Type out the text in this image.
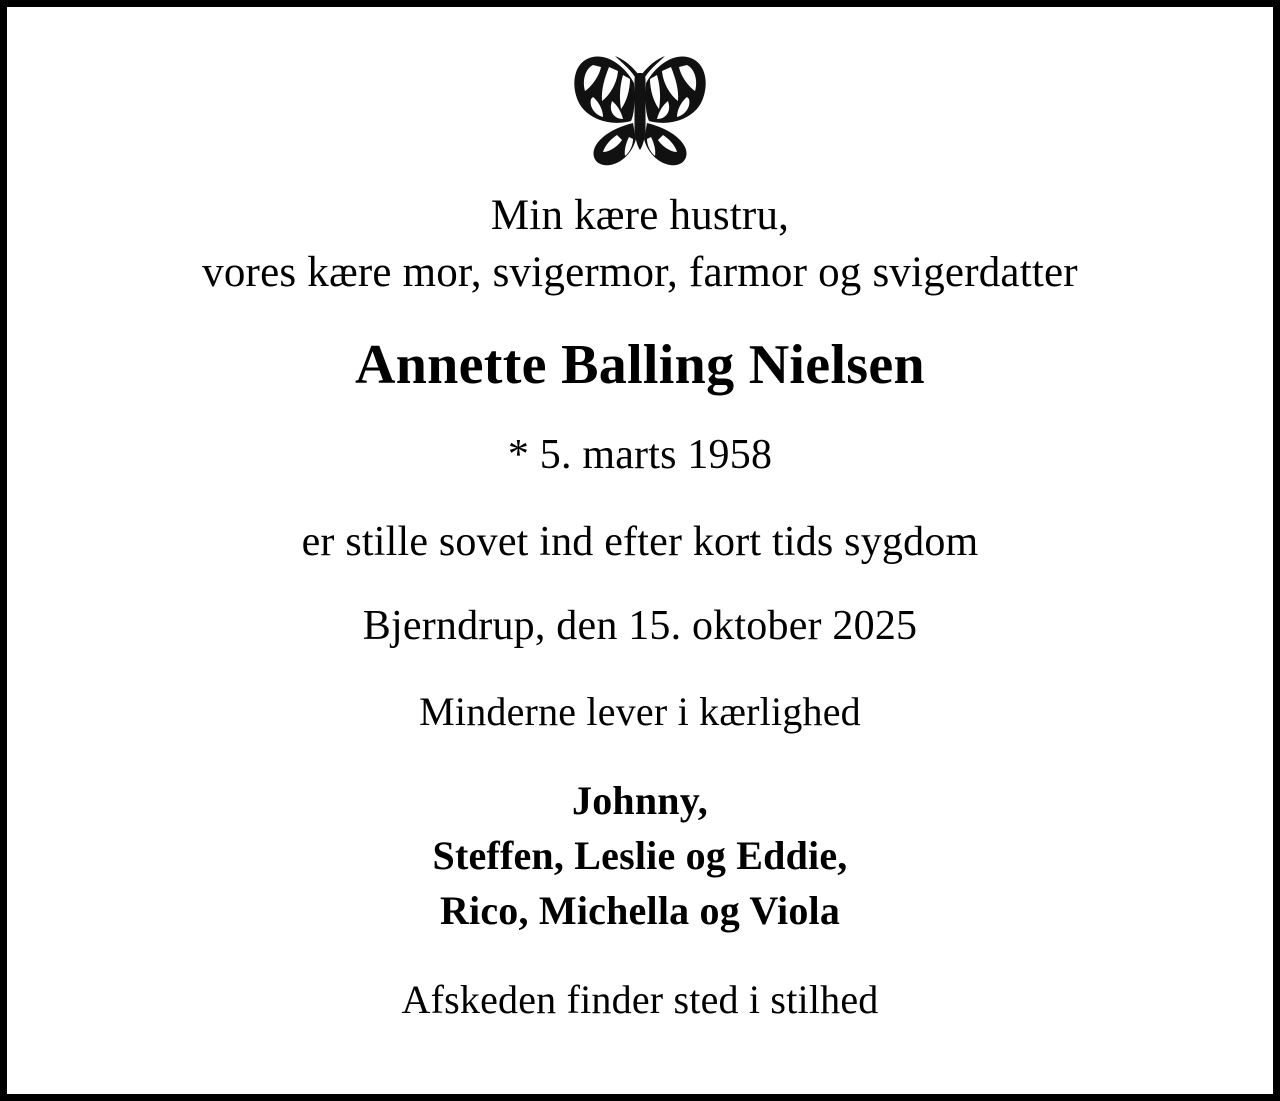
Min kære hustru,
vores kære mor, svigermor, farmor og svigerdatter
Annette Balling Nielsen
* 5. marts 1958
er stille sovet ind efter kort tids sygdom
Bjerndrup, den 15. oktober 2025
Minderne lever i kærlighed
Johnny,
Steffen, Leslie og Eddie,
Rico, Michella og Viola
Afskeden finder sted i stilhed
